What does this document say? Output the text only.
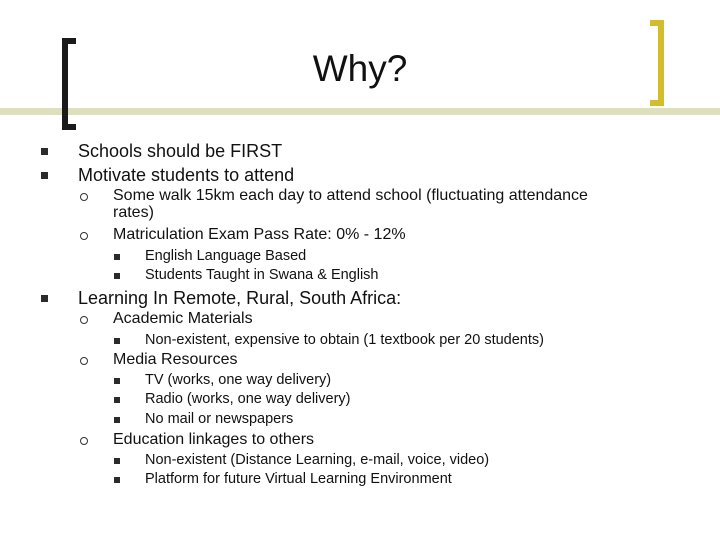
Why?
Schools should be FIRST
Motivate students to attend
Some walk 15km each day to attend school (fluctuating attendance
rates)
Matriculation Exam Pass Rate: 0% - 12%
English Language Based
Students Taught in Swana & English
Learning In Remote, Rural, South Africa:
Academic Materials
Non-existent, expensive to obtain (1 textbook per 20 students)
Media Resources
TV (works, one way delivery)
Radio (works, one way delivery)
No mail or newspapers
Education linkages to others
Non-existent (Distance Learning, e-mail, voice, video)
Platform for future Virtual Learning Environment
